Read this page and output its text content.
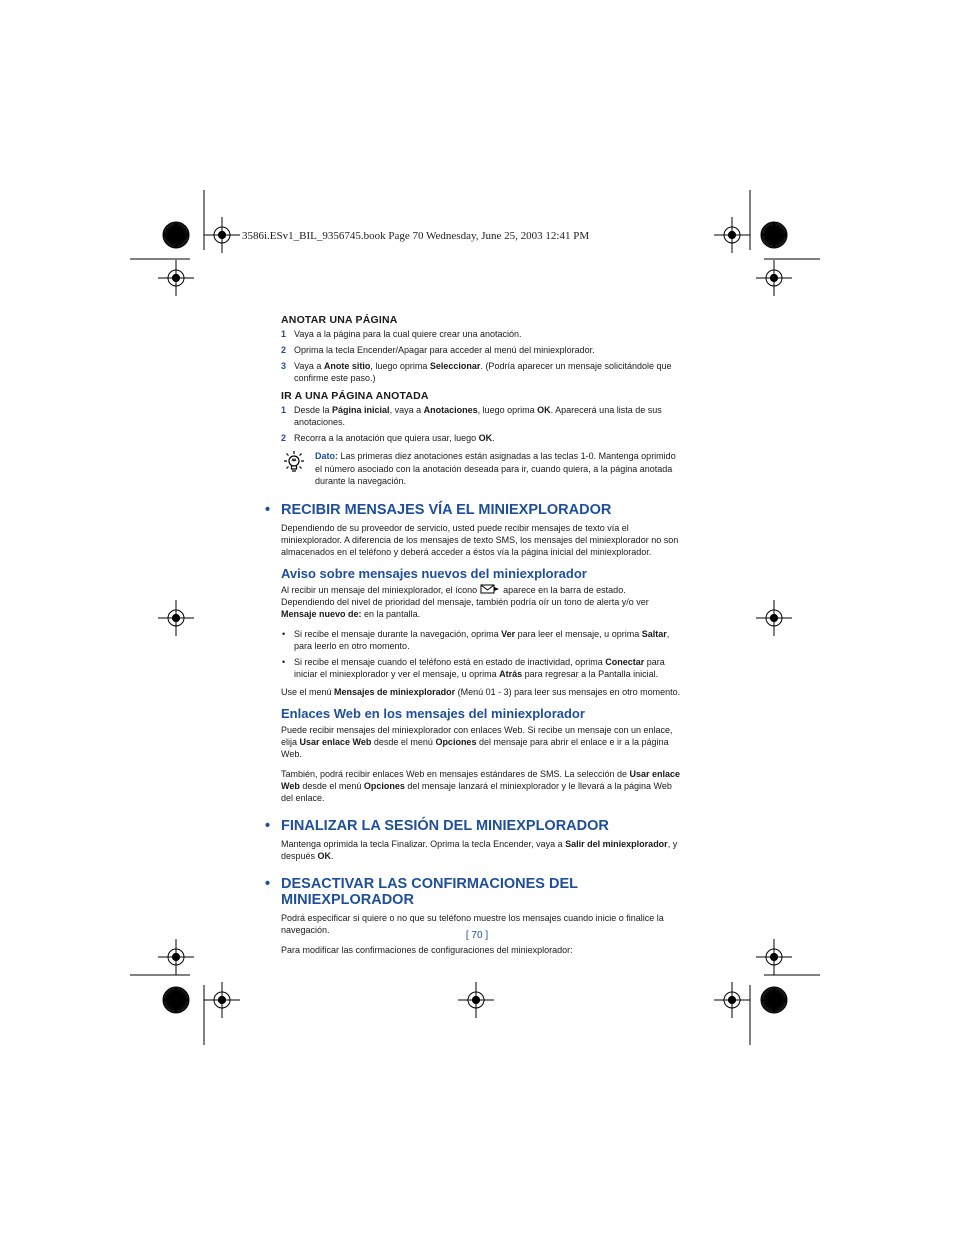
3586i.ESv1_BIL_9356745.book Page 70 Wednesday, June 25, 2003 12:41 PM
ANOTAR UNA PÁGINA
1 Vaya a la página para la cual quiere crear una anotación.
2 Oprima la tecla Encender/Apagar para acceder al menú del miniexplorador.
3 Vaya a Anote sitio, luego oprima Seleccionar. (Podría aparecer un mensaje solicitándole que confirme este paso.)
IR A UNA PÁGINA ANOTADA
1 Desde la Página inicial, vaya a Anotaciones, luego oprima OK. Aparecerá una lista de sus anotaciones.
2 Recorra a la anotación que quiera usar, luego OK.
Dato: Las primeras diez anotaciones están asignadas a las teclas 1-0. Mantenga oprimido el número asociado con la anotación deseada para ir, cuando quiera, a la página anotada durante la navegación.
• RECIBIR MENSAJES VÍA EL MINIEXPLORADOR

Dependiendo de su proveedor de servicio, usted puede recibir mensajes de texto vía el miniexplorador. A diferencia de los mensajes de texto SMS, los mensajes del miniexplorador no son almacenados en el teléfono y deberá acceder a éstos vía la página inicial del miniexplorador.

Aviso sobre mensajes nuevos del miniexplorador

Al recibir un mensaje del miniexplorador, el ícono	aparece en la barra de estado. Dependiendo del nivel de prioridad del mensaje, también podría oír un tono de alerta y/o ver Mensaje nuevo de: en la pantalla.

• Si recibe el mensaje durante la navegación, oprima Ver para leer el mensaje, u oprima Saltar, para leerlo en otro momento.
• Si recibe el mensaje cuando el teléfono está en estado de inactividad, oprima Conectar para iniciar el miniexplorador y ver el mensaje, u oprima Atrás para regresar a la Pantalla inicial.

Use el menú Mensajes de miniexplorador (Menú 01 - 3) para leer sus mensajes en otro momento.

Enlaces Web en los mensajes del miniexplorador

Puede recibir mensajes del miniexplorador con enlaces Web. Si recibe un mensaje con un enlace, elija Usar enlace Web desde el menú Opciones del mensaje para abrir el enlace e ir a la página Web.

También, podrá recibir enlaces Web en mensajes estándares de SMS. La selección de Usar enlace Web desde el menú Opciones del mensaje lanzará el miniexplorador y le llevará a la página Web del enlace.

• FINALIZAR LA SESIÓN DEL MINIEXPLORADOR

Mantenga oprimida la tecla Finalizar. Oprima la tecla Encender, vaya a Salir del miniexplorador, y después OK.

• DESACTIVAR LAS CONFIRMACIONES DEL MINIEXPLORADOR

Podrá especificar si quiere o no que su teléfono muestre los mensajes cuando inicie o finalice la navegación.

Para modificar las confirmaciones de configuraciones del miniexplorador:

[ 70 ]
